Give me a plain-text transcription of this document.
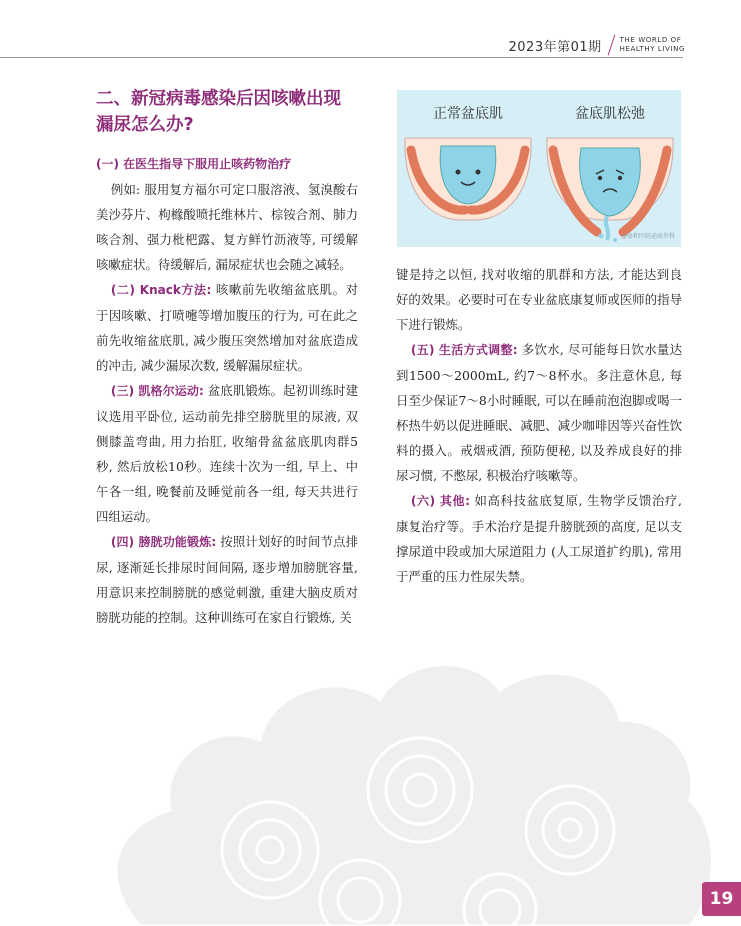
2023年第01期	THE WORLD OF
HEALTHY LIVING
二、新冠病毒感染后因咳嗽出现漏尿怎么办?
(一) 在医生指导下服用止咳药物治疗

例如: 服用复方福尔可定口服溶液、氢溴酸右美沙芬片、枸橼酸喷托维林片、棕铵合剂、肺力咳合剂、强力枇杷露、复方鲜竹沥液等, 可缓解咳嗽症状。待缓解后, 漏尿症状也会随之减轻。

(二) Knack方法: 咳嗽前先收缩盆底肌。对于因咳嗽、打喷嚏等增加腹压的行为, 可在此之前先收缩盆底肌, 减少腹压突然增加对盆底造成的冲击, 减少漏尿次数, 缓解漏尿症状。

(三) 凯格尔运动: 盆底肌锻炼。起初训练时建议选用平卧位, 运动前先排空膀胱里的尿液, 双侧膝盖弯曲, 用力抬肛, 收缩骨盆盆底肌肉群5秒, 然后放松10秒。连续十次为一组, 早上、中午各一组, 晚餐前及睡觉前各一组, 每天共进行四组运动。

(四) 膀胱功能锻炼: 按照计划好的时间节点排尿, 逐渐延长排尿时间间隔, 逐步增加膀胱容量, 用意识来控制膀胱的感觉刺激, 重建大脑皮质对膀胱功能的控制。这种训练可在家自行锻炼, 关

正常盆底肌	盆底肌松弛
@协和医院泌尿外科

键是持之以恒, 找对收缩的肌群和方法, 才能达到良好的效果。必要时可在专业盆底康复师或医师的指导下进行锻炼。

(五) 生活方式调整: 多饮水, 尽可能每日饮水量达到1500～2000mL, 约7～8杯水。多注意休息, 每日至少保证7～8小时睡眠, 可以在睡前泡泡脚或喝一杯热牛奶以促进睡眠、减肥、减少咖啡因等兴奋性饮料的摄入。戒烟戒酒, 预防便秘, 以及养成良好的排尿习惯, 不憋尿, 积极治疗咳嗽等。

(六) 其他: 如高科技盆底复原, 生物学反馈治疗, 康复治疗等。手术治疗是提升膀胱颈的高度, 足以支撑尿道中段或加大尿道阻力 (人工尿道扩约肌), 常用于严重的压力性尿失禁。

19
